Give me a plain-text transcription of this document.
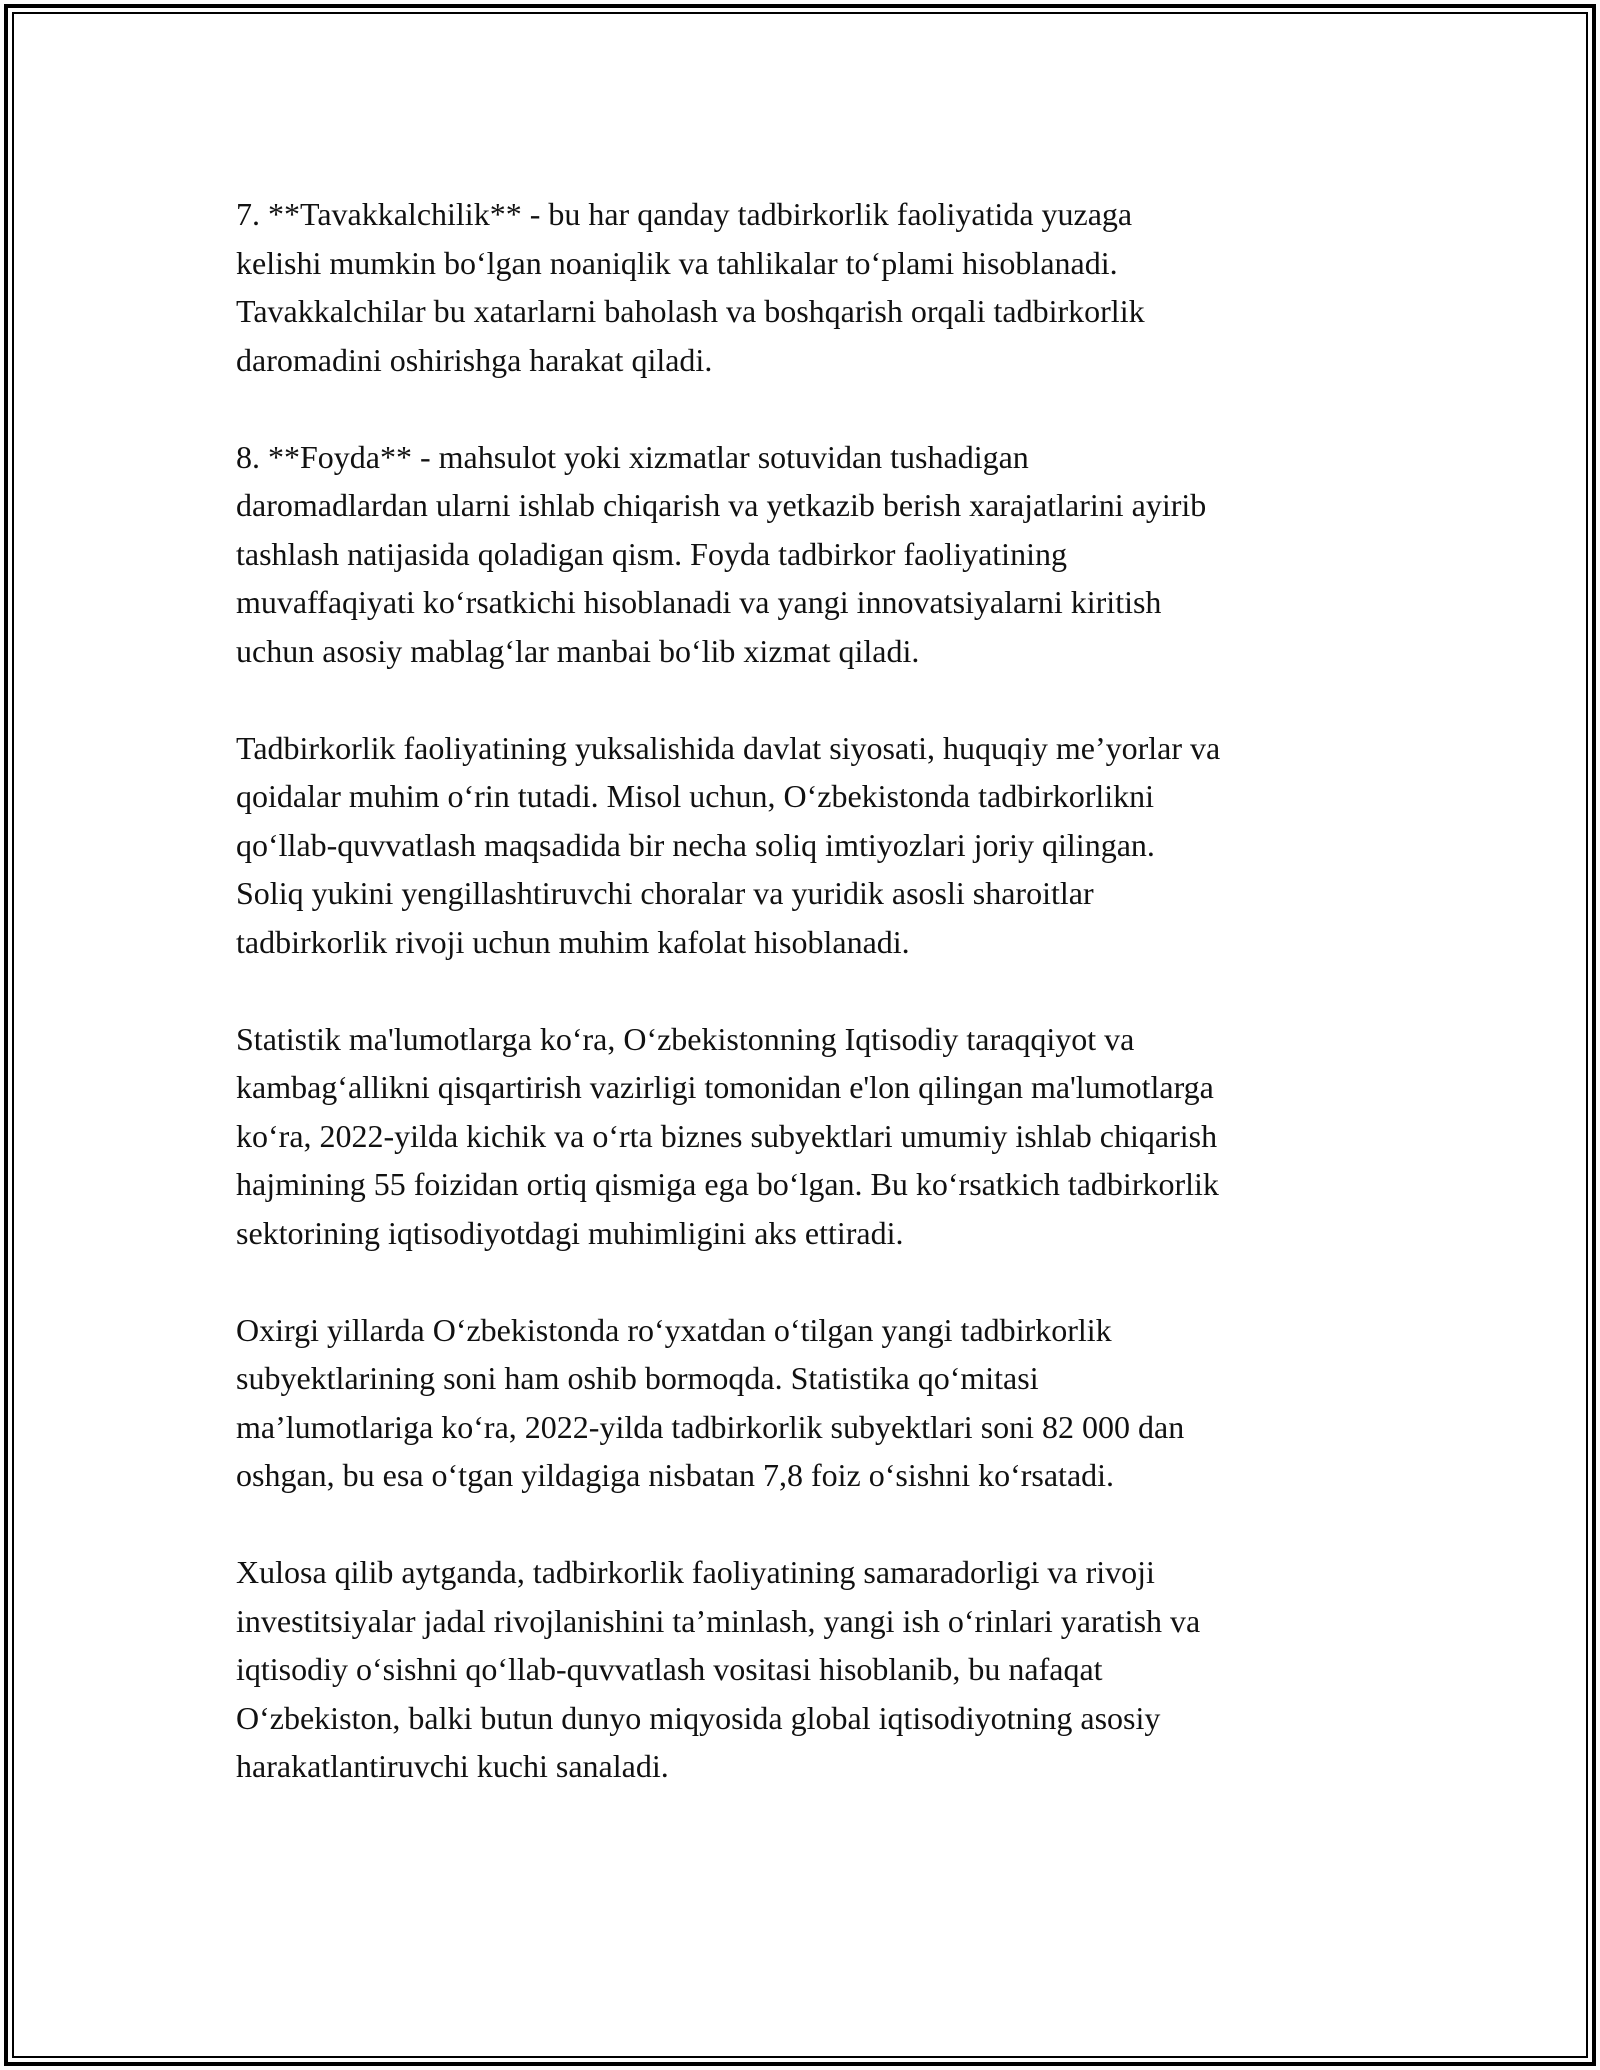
7. **Tavakkalchilik** - bu har qanday tadbirkorlik faoliyatida yuzaga
kelishi mumkin bo‘lgan noaniqlik va tahlikalar to‘plami hisoblanadi.
Tavakkalchilar bu xatarlarni baholash va boshqarish orqali tadbirkorlik
daromadini oshirishga harakat qiladi.

8. **Foyda** - mahsulot yoki xizmatlar sotuvidan tushadigan
daromadlardan ularni ishlab chiqarish va yetkazib berish xarajatlarini ayirib
tashlash natijasida qoladigan qism. Foyda tadbirkor faoliyatining
muvaffaqiyati ko‘rsatkichi hisoblanadi va yangi innovatsiyalarni kiritish
uchun asosiy mablag‘lar manbai bo‘lib xizmat qiladi.

Tadbirkorlik faoliyatining yuksalishida davlat siyosati, huquqiy me’yorlar va
qoidalar muhim o‘rin tutadi. Misol uchun, O‘zbekistonda tadbirkorlikni
qo‘llab-quvvatlash maqsadida bir necha soliq imtiyozlari joriy qilingan.
Soliq yukini yengillashtiruvchi choralar va yuridik asosli sharoitlar
tadbirkorlik rivoji uchun muhim kafolat hisoblanadi.

Statistik ma'lumotlarga ko‘ra, O‘zbekistonning Iqtisodiy taraqqiyot va
kambag‘allikni qisqartirish vazirligi tomonidan e'lon qilingan ma'lumotlarga
ko‘ra, 2022-yilda kichik va o‘rta biznes subyektlari umumiy ishlab chiqarish
hajmining 55 foizidan ortiq qismiga ega bo‘lgan. Bu ko‘rsatkich tadbirkorlik
sektorining iqtisodiyotdagi muhimligini aks ettiradi.

Oxirgi yillarda O‘zbekistonda ro‘yxatdan o‘tilgan yangi tadbirkorlik
subyektlarining soni ham oshib bormoqda. Statistika qo‘mitasi
ma’lumotlariga ko‘ra, 2022-yilda tadbirkorlik subyektlari soni 82 000 dan
oshgan, bu esa o‘tgan yildagiga nisbatan 7,8 foiz o‘sishni ko‘rsatadi.

Xulosa qilib aytganda, tadbirkorlik faoliyatining samaradorligi va rivoji
investitsiyalar jadal rivojlanishini ta’minlash, yangi ish o‘rinlari yaratish va
iqtisodiy o‘sishni qo‘llab-quvvatlash vositasi hisoblanib, bu nafaqat
O‘zbekiston, balki butun dunyo miqyosida global iqtisodiyotning asosiy
harakatlantiruvchi kuchi sanaladi.
